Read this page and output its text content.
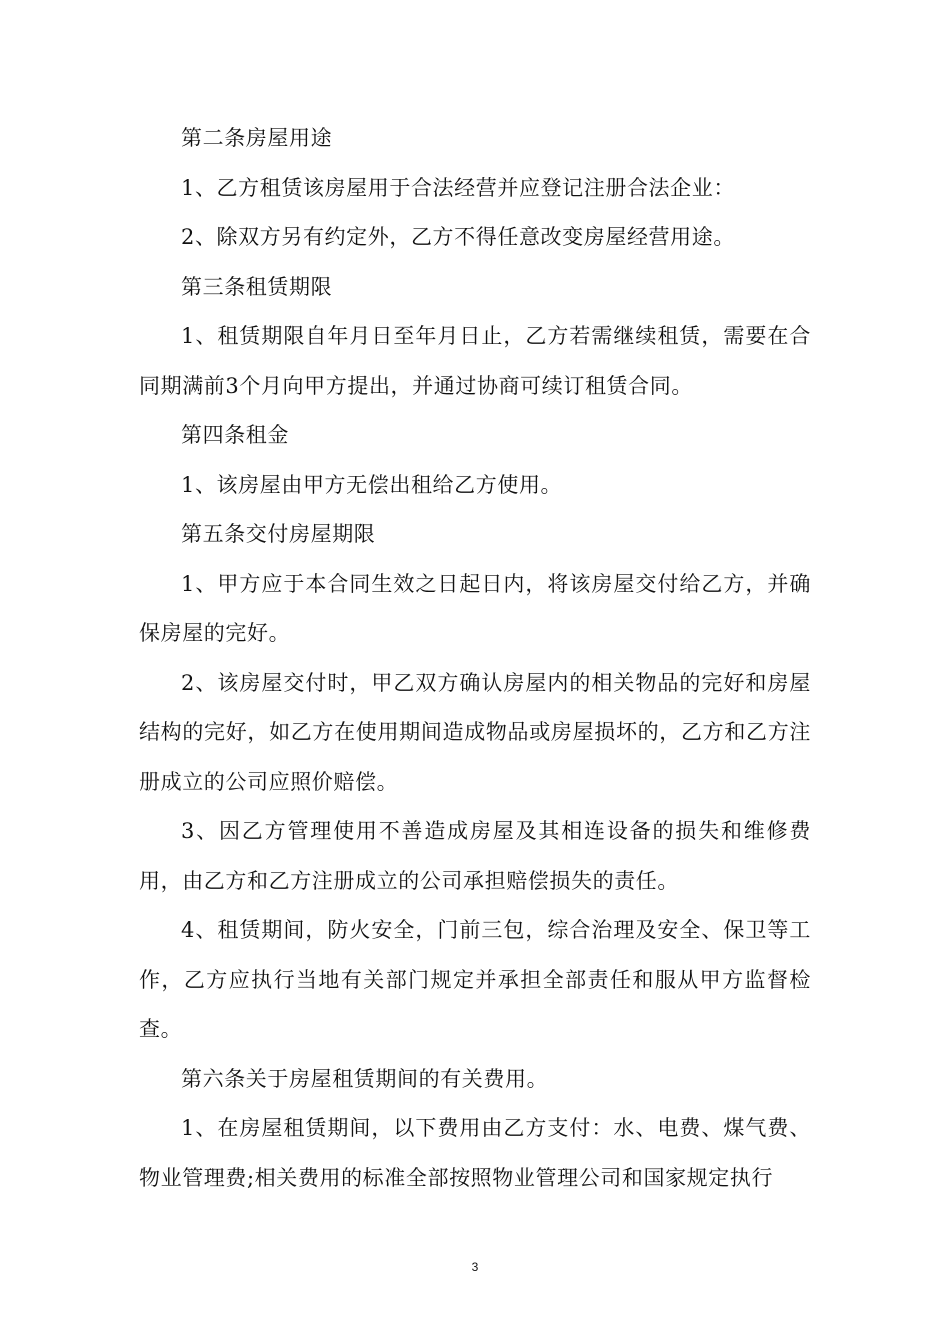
第二条房屋用途

1、乙方租赁该房屋用于合法经营并应登记注册合法企业：

2、除双方另有约定外，乙方不得任意改变房屋经营用途。

第三条租赁期限

1、租赁期限自年月日至年月日止，乙方若需继续租赁，需要在合同期满前3个月向甲方提出，并通过协商可续订租赁合同。

第四条租金

1、该房屋由甲方无偿出租给乙方使用。

第五条交付房屋期限

1、甲方应于本合同生效之日起日内，将该房屋交付给乙方，并确保房屋的完好。

2、该房屋交付时，甲乙双方确认房屋内的相关物品的完好和房屋结构的完好，如乙方在使用期间造成物品或房屋损坏的，乙方和乙方注册成立的公司应照价赔偿。

3、因乙方管理使用不善造成房屋及其相连设备的损失和维修费用，由乙方和乙方注册成立的公司承担赔偿损失的责任。

4、租赁期间，防火安全，门前三包，综合治理及安全、保卫等工作，乙方应执行当地有关部门规定并承担全部责任和服从甲方监督检查。

第六条关于房屋租赁期间的有关费用。

1、在房屋租赁期间，以下费用由乙方支付：水、电费、煤气费、物业管理费;相关费用的标准全部按照物业管理公司和国家规定执行

3
